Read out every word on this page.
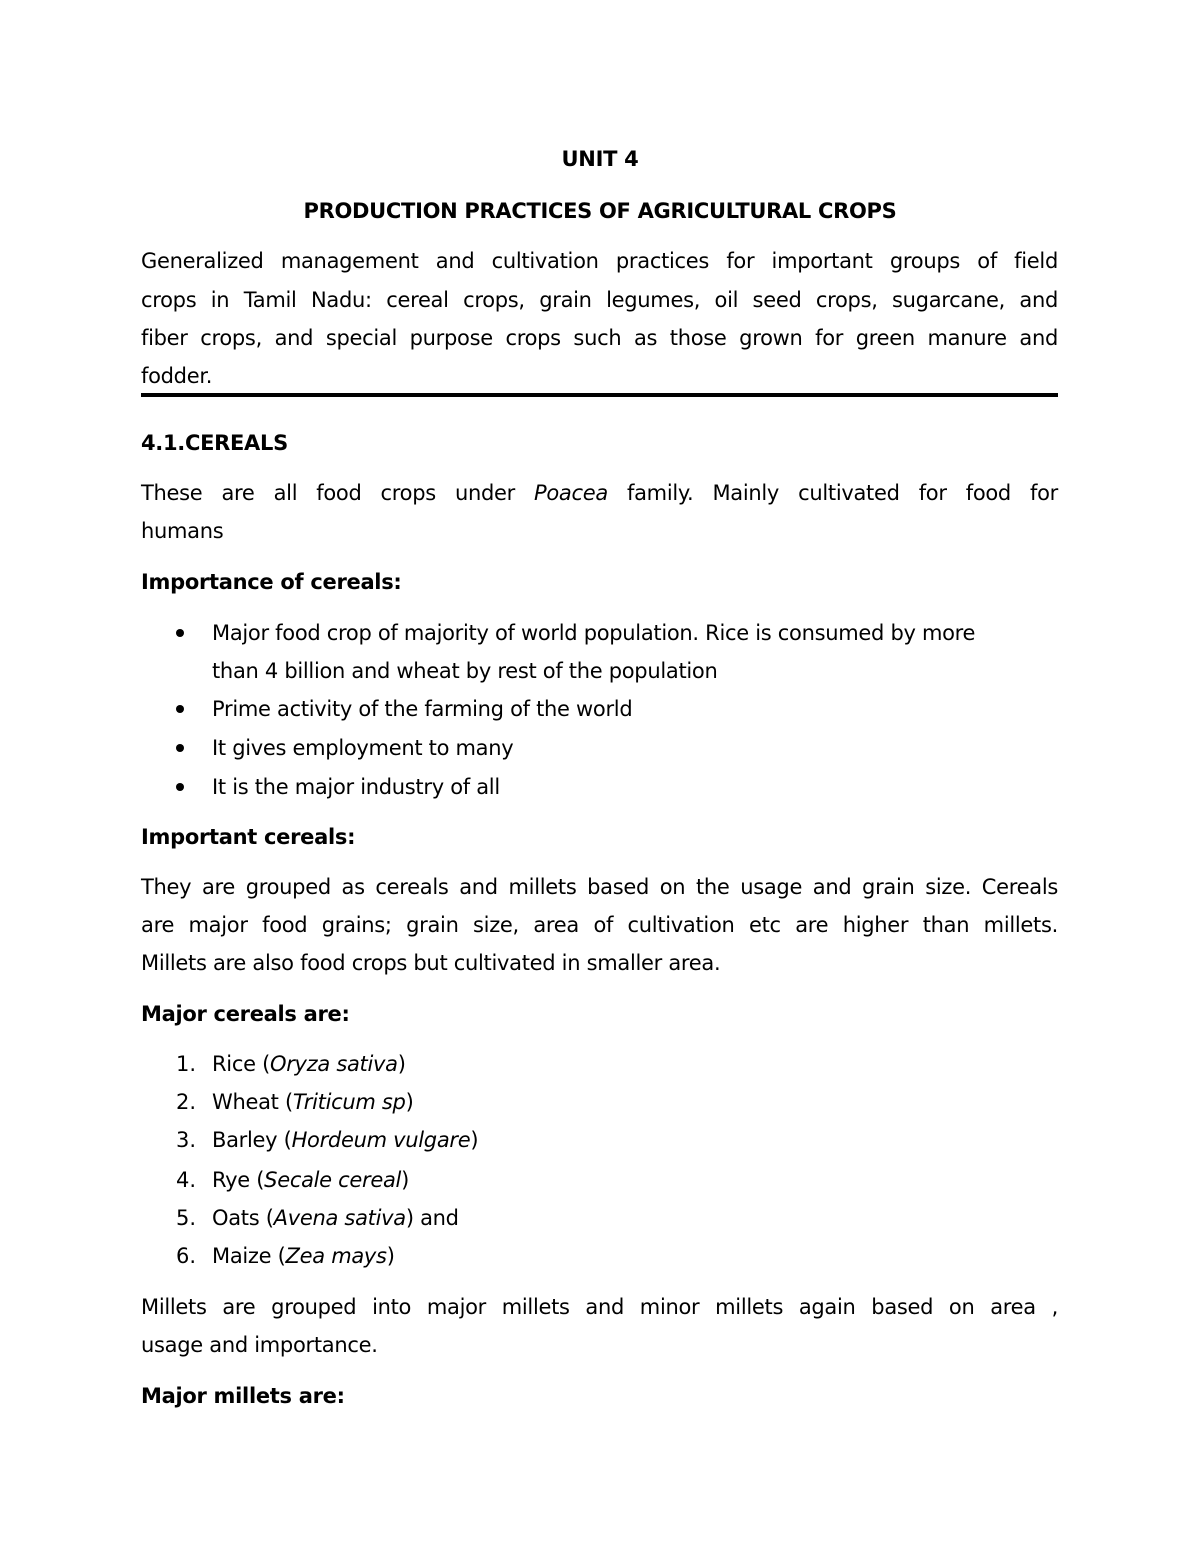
UNIT 4
PRODUCTION PRACTICES OF AGRICULTURAL CROPS
Generalized management and cultivation practices for important groups of field
crops in Tamil Nadu: cereal crops, grain legumes, oil seed crops, sugarcane, and
fiber crops, and special purpose crops such as those grown for green manure and
fodder.
4.1.CEREALS
These are all food crops under Poacea family. Mainly cultivated for food for
humans
Importance of cereals:
Major food crop of majority of world population. Rice is consumed by more
than 4 billion and wheat by rest of the population
Prime activity of the farming of the world
It gives employment to many
It is the major industry of all
Important cereals:
They are grouped as cereals and millets based on the usage and grain size. Cereals
are major food grains; grain size, area of cultivation etc are higher than millets.
Millets are also food crops but cultivated in smaller area.
Major cereals are:
1. Rice (Oryza sativa)
2. Wheat (Triticum sp)
3. Barley (Hordeum vulgare)
4. Rye (Secale cereal)
5. Oats (Avena sativa) and
6. Maize (Zea mays)
Millets are grouped into major millets and minor millets again based on area ,
usage and importance.
Major millets are:
